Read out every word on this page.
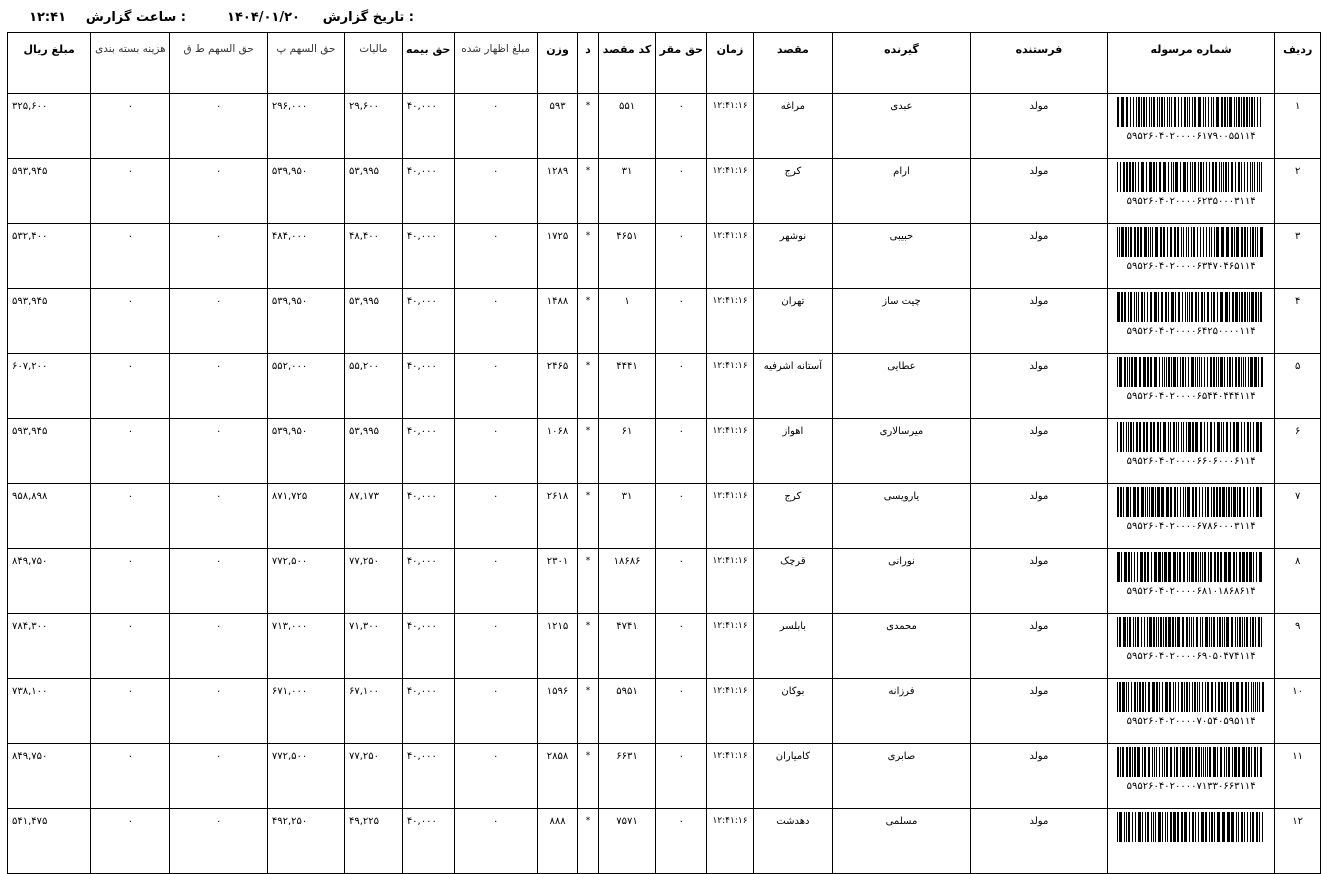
تاریخ گزارش :
۱۴۰۴/۰۱/۲۰
ساعت گزارش :
۱۲:۴۱
ردیف	شماره مرسوله	فرستنده	گیرنده	مقصد	زمان	حق مقر	کد مقصد	د	وزن	مبلغ اظهار شده	حق بیمه	مالیات	حق السهم پ	حق السهم ط ق	هزینه بسته بندی	مبلغ ریال
۱	۵۹۵۲۶۰۴۰۲۰۰۰۰۶۱۷۹۰۰۵۵۱۱۴	مولد	عبدی	مراغه	۱۲:۴۱:۱۶	۰	۵۵۱	*	۵۹۳	۰	۴۰,۰۰۰	۲۹,۶۰۰	۲۹۶,۰۰۰	۰	۰	۳۲۵,۶۰۰
۲	۵۹۵۲۶۰۴۰۲۰۰۰۰۶۲۳۵۰۰۰۳۱۱۴	مولد	ارام	کرج	۱۲:۴۱:۱۶	۰	۳۱	*	۱۲۸۹	۰	۴۰,۰۰۰	۵۳,۹۹۵	۵۳۹,۹۵۰	۰	۰	۵۹۳,۹۴۵
۳	۵۹۵۲۶۰۴۰۲۰۰۰۰۶۳۴۷۰۴۶۵۱۱۴	مولد	حبیبی	نوشهر	۱۲:۴۱:۱۶	۰	۴۶۵۱	*	۱۷۲۵	۰	۴۰,۰۰۰	۴۸,۴۰۰	۴۸۴,۰۰۰	۰	۰	۵۳۲,۴۰۰
۴	۵۹۵۲۶۰۴۰۲۰۰۰۰۶۴۲۵۰۰۰۰۱۱۴	مولد	چیت ساز	تهران	۱۲:۴۱:۱۶	۰	۱	*	۱۴۸۸	۰	۴۰,۰۰۰	۵۳,۹۹۵	۵۳۹,۹۵۰	۰	۰	۵۹۳,۹۴۵
۵	۵۹۵۲۶۰۴۰۲۰۰۰۰۶۵۴۴۰۴۴۴۱۱۴	مولد	عطایی	آستانه اشرفیه	۱۲:۴۱:۱۶	۰	۴۴۴۱	*	۲۴۶۵	۰	۴۰,۰۰۰	۵۵,۲۰۰	۵۵۲,۰۰۰	۰	۰	۶۰۷,۲۰۰
۶	۵۹۵۲۶۰۴۰۲۰۰۰۰۶۶۰۶۰۰۰۶۱۱۴	مولد	میرسالاری	اهواز	۱۲:۴۱:۱۶	۰	۶۱	*	۱۰۶۸	۰	۴۰,۰۰۰	۵۳,۹۹۵	۵۳۹,۹۵۰	۰	۰	۵۹۳,۹۴۵
۷	۵۹۵۲۶۰۴۰۲۰۰۰۰۶۷۸۶۰۰۰۳۱۱۴	مولد	یارویسی	کرج	۱۲:۴۱:۱۶	۰	۳۱	*	۲۶۱۸	۰	۴۰,۰۰۰	۸۷,۱۷۳	۸۷۱,۷۲۵	۰	۰	۹۵۸,۸۹۸
۸	۵۹۵۲۶۰۴۰۲۰۰۰۰۶۸۱۰۱۸۶۸۶۱۴	مولد	نورانی	قرچک	۱۲:۴۱:۱۶	۰	۱۸۶۸۶	*	۲۳۰۱	۰	۴۰,۰۰۰	۷۷,۲۵۰	۷۷۲,۵۰۰	۰	۰	۸۴۹,۷۵۰
۹	۵۹۵۲۶۰۴۰۲۰۰۰۰۶۹۰۵۰۴۷۴۱۱۴	مولد	محمدی	بابلسر	۱۲:۴۱:۱۶	۰	۴۷۴۱	*	۱۲۱۵	۰	۴۰,۰۰۰	۷۱,۳۰۰	۷۱۳,۰۰۰	۰	۰	۷۸۴,۳۰۰
۱۰	۵۹۵۲۶۰۴۰۲۰۰۰۰۷۰۵۴۰۵۹۵۱۱۴	مولد	فرزانه	بوکان	۱۲:۴۱:۱۶	۰	۵۹۵۱	*	۱۵۹۶	۰	۴۰,۰۰۰	۶۷,۱۰۰	۶۷۱,۰۰۰	۰	۰	۷۳۸,۱۰۰
۱۱	۵۹۵۲۶۰۴۰۲۰۰۰۰۷۱۳۳۰۶۶۳۱۱۴	مولد	صابری	کامیاران	۱۲:۴۱:۱۶	۰	۶۶۳۱	*	۲۸۵۸	۰	۴۰,۰۰۰	۷۷,۲۵۰	۷۷۲,۵۰۰	۰	۰	۸۴۹,۷۵۰
۱۲		مولد	مسلمی	دهدشت	۱۲:۴۱:۱۶	۰	۷۵۷۱	*	۸۸۸	۰	۴۰,۰۰۰	۴۹,۲۲۵	۴۹۲,۲۵۰	۰	۰	۵۴۱,۴۷۵
